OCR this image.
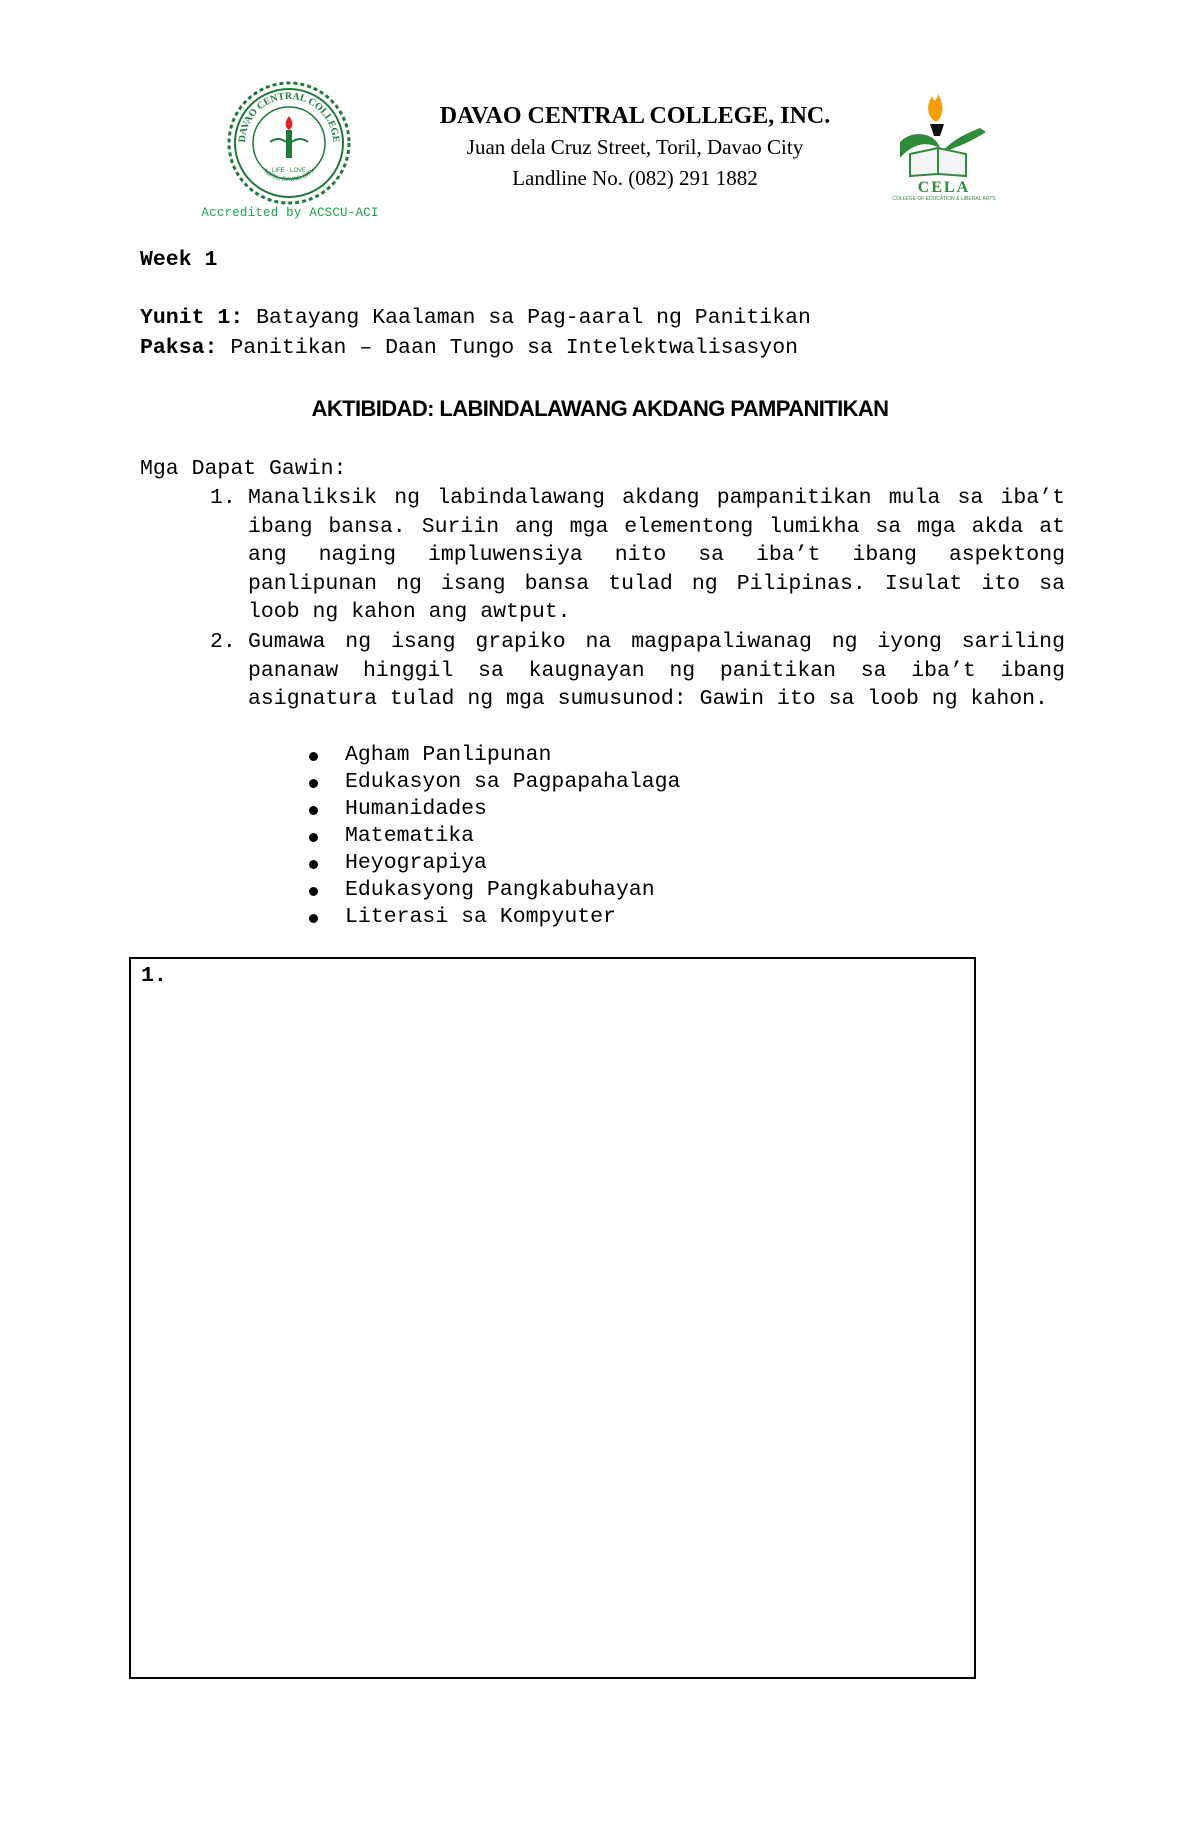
DAVAO CENTRAL COLLEGE
TORIL, DAVAO CITY
LIFE · LOVE
Accredited by ACSCU-ACI
DAVAO CENTRAL COLLEGE, INC.
Juan dela Cruz Street, Toril, Davao City
Landline No. (082) 291 1882	CELA
COLLEGE OF EDUCATION & LIBERAL ARTS
Week 1
Yunit 1: Batayang Kaalaman sa Pag-aaral ng Panitikan
Paksa: Panitikan – Daan Tungo sa Intelektwalisasyon
AKTIBIDAD: LABINDALAWANG AKDANG PAMPANITIKAN
Mga Dapat Gawin:
1. Manaliksik ng labindalawang akdang pampanitikan mula sa iba’t ibang bansa. Suriin ang mga elementong lumikha sa mga akda at ang naging impluwensiya nito sa iba’t ibang aspektong panlipunan ng isang bansa tulad ng Pilipinas. Isulat ito sa loob ng kahon ang awtput.
2. Gumawa ng isang grapiko na magpapaliwanag ng iyong sariling pananaw hinggil sa kaugnayan ng panitikan sa iba’t ibang asignatura tulad ng mga sumusunod: Gawin ito sa loob ng kahon.
Agham Panlipunan
Edukasyon sa Pagpapahalaga
Humanidades
Matematika
Heyograpiya
Edukasyong Pangkabuhayan
Literasi sa Kompyuter
1.
